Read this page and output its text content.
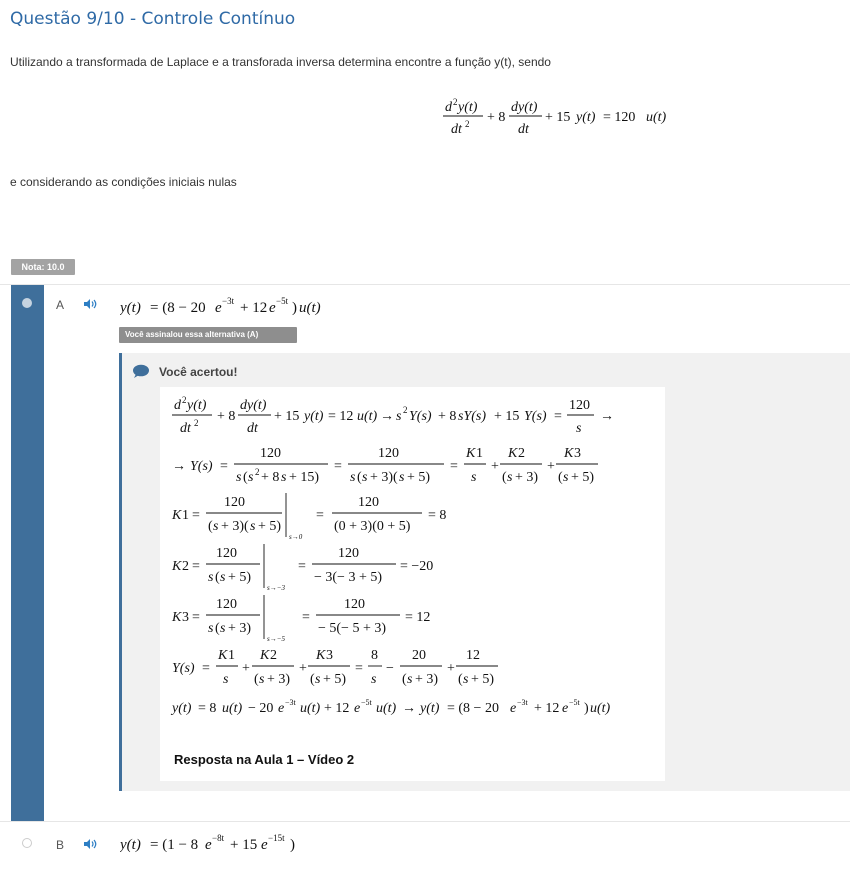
Questão 9/10 - Controle Contínuo
Utilizando a transformada de Laplace e a transforada inversa determina encontre a função y(t), sendo
d 2 y(t)
dt 2 + 8
dy(t)
dt
+ 15 y(t) = 120 u(t)
e considerando as condições iniciais nulas
Nota: 10.0
A	y(t) = (8 − 20 e −3t + 12 e −5t ) u(t)
Você assinalou essa alternativa (A)
Você acertou!
d 2 y(t)
dt 2 + 8
dy(t)
dt
+ 15 y(t) = 12 u(t) → s 2 Y(s) + 8 sY(s) + 15 Y(s) =
120
s
→
→ Y(s) =
120
s ( s 2 + 8 s + 15)
=
120
s ( s + 3)( s + 5)
=
K 1
s
+
K 2
( s + 3)
+
K 3
( s + 5)
K 1 =
120
( s + 3)( s + 5)
s→0
=
120
(0 + 3)(0 + 5)
= 8
K 2 =
120
s ( s + 5)
s→−3
=
120
− 3(− 3 + 5)
= −20
K 3 =
120
s ( s + 3)
s→−5
=
120
− 5(− 5 + 3)
= 12
Y(s) =
K 1
s
+
K 2
( s + 3)
+
K 3
( s + 5)
=
8
s
−
20
( s + 3)
+
12
( s + 5)
y(t) = 8 u(t) − 20 e −3t u(t) + 12 e −5t u(t) → y(t) = (8 − 20 e −3t + 12 e −5t ) u(t)
Resposta na Aula 1 – Vídeo 2
B	y(t) = (1 − 8 e −8t + 15 e −15t )
